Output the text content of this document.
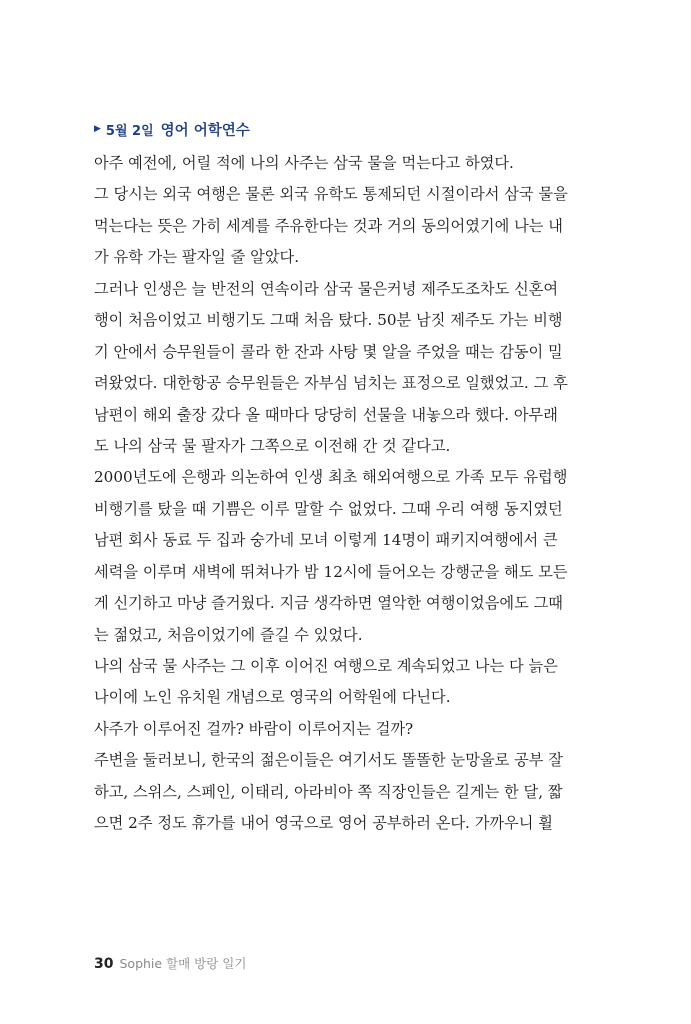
▶ 5월 2일 영어 어학연수
아주 예전에, 어릴 적에 나의 사주는 삼국 물을 먹는다고 하였다.
그 당시는 외국 여행은 물론 외국 유학도 통제되던 시절이라서 삼국 물을
먹는다는 뜻은 가히 세계를 주유한다는 것과 거의 동의어였기에 나는 내
가 유학 가는 팔자일 줄 알았다.
그러나 인생은 늘 반전의 연속이라 삼국 물은커녕 제주도조차도 신혼여
행이 처음이었고 비행기도 그때 처음 탔다. 50분 남짓 제주도 가는 비행
기 안에서 승무원들이 콜라 한 잔과 사탕 몇 알을 주었을 때는 감동이 밀
려왔었다. 대한항공 승무원들은 자부심 넘치는 표정으로 일했었고. 그 후
남편이 해외 출장 갔다 올 때마다 당당히 선물을 내놓으라 했다. 아무래
도 나의 삼국 물 팔자가 그쪽으로 이전해 간 것 같다고.
2000년도에 은행과 의논하여 인생 최초 해외여행으로 가족 모두 유럽행
비행기를 탔을 때 기쁨은 이루 말할 수 없었다. 그때 우리 여행 동지였던
남편 회사 동료 두 집과 숭가네 모녀 이렇게 14명이 패키지여행에서 큰
세력을 이루며 새벽에 뛰쳐나가 밤 12시에 들어오는 강행군을 해도 모든
게 신기하고 마냥 즐거웠다. 지금 생각하면 열악한 여행이었음에도 그때
는 젊었고, 처음이었기에 즐길 수 있었다.
나의 삼국 물 사주는 그 이후 이어진 여행으로 계속되었고 나는 다 늙은
나이에 노인 유치원 개념으로 영국의 어학원에 다닌다.
사주가 이루어진 걸까? 바람이 이루어지는 걸까?
주변을 둘러보니, 한국의 젊은이들은 여기서도 똘똘한 눈망울로 공부 잘
하고, 스위스, 스페인, 이태리, 아라비아 쪽 직장인들은 길게는 한 달, 짧
으면 2주 정도 휴가를 내어 영국으로 영어 공부하러 온다. 가까우니 휠
30 Sophie 할매 방랑 일기
